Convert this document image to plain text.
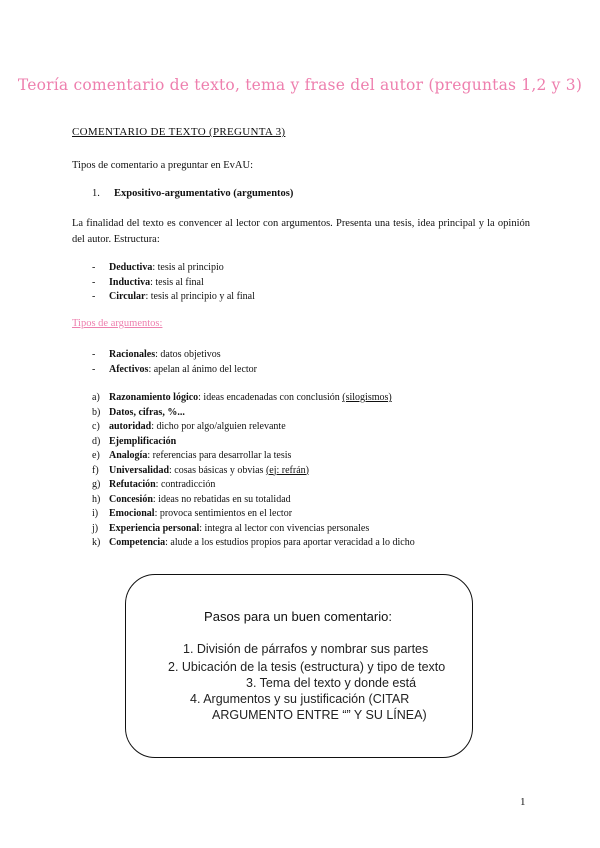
Teoría comentario de texto, tema y frase del autor (preguntas 1,2 y 3)
COMENTARIO DE TEXTO (PREGUNTA 3)
Tipos de comentario a preguntar en EvAU:
1. Expositivo-argumentativo (argumentos)
La finalidad del texto es convencer al lector con argumentos. Presenta una tesis, idea principal y la opinión del autor. Estructura:
- Deductiva: tesis al principio
- Inductiva: tesis al final
- Circular: tesis al principio y al final
Tipos de argumentos:
- Racionales: datos objetivos
- Afectivos: apelan al ánimo del lector
a) Razonamiento lógico: ideas encadenadas con conclusión (silogismos)
b) Datos, cifras, %...
c) autoridad: dicho por algo/alguien relevante
d) Ejemplificación
e) Analogía: referencias para desarrollar la tesis
f) Universalidad: cosas básicas y obvias (ej: refrán)
g) Refutación: contradicción
h) Concesión: ideas no rebatidas en su totalidad
i) Emocional: provoca sentimientos en el lector
j) Experiencia personal: integra al lector con vivencias personales
k) Competencia: alude a los estudios propios para aportar veracidad a lo dicho
Pasos para un buen comentario:
1. División de párrafos y nombrar sus partes
2. Ubicación de la tesis (estructura) y tipo de texto
3. Tema del texto y donde está
4. Argumentos y su justificación (CITAR
ARGUMENTO ENTRE “” Y SU LÍNEA)
1
